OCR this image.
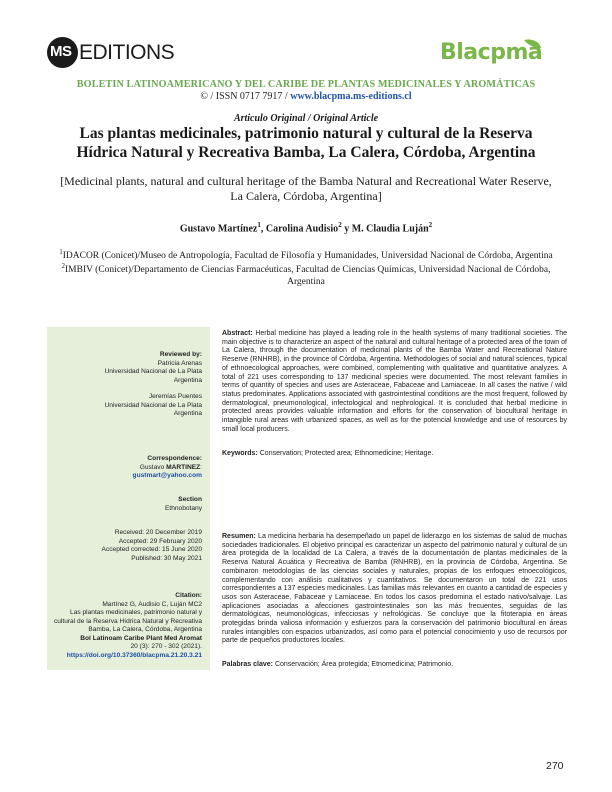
MS EDITIONS	Blacpma
BOLETIN LATINOAMERICANO Y DEL CARIBE DE PLANTAS MEDICINALES Y AROMÁTICAS
© / ISSN 0717 7917 / www.blacpma.ms-editions.cl
Articulo Original / Original Article
Las plantas medicinales, patrimonio natural y cultural de la Reserva
Hídrica Natural y Recreativa Bamba, La Calera, Córdoba, Argentina
[Medicinal plants, natural and cultural heritage of the Bamba Natural and Recreational Water Reserve,
La Calera, Córdoba, Argentina]
Gustavo Martínez$^1$, Carolina Audisio$^2$ y M. Claudia Luján$^2$
$^1$IDACOR (Conicet)/Museo de Antropología, Facultad de Filosofía y Humanidades, Universidad Nacional de Córdoba, Argentina
$^2$IMBIV (Conicet)/Departamento de Ciencias Farmacéuticas, Facultad de Ciencias Químicas, Universidad Nacional de Córdoba, Argentina
Reviewed by:
Patricia Arenas
Universidad Nacional de La Plata
Argentina
Jeremías Puentes
Universidad Nacional de La Plata
Argentina
Correspondence:
Gustavo MARTINEZ:
gustmart@yahoo.com
Section
Ethnobotany
Received: 20 December 2019
Accepted: 29 February 2020
Accepted corrected: 15 June 2020
Published: 30 May 2021
Citation:
Martínez G, Audisio C, Luján MC2
Las plantas medicinales, patrimonio natural y
cultural de la Reserva Hídrica Natural y Recreativa
Bamba, La Calera, Córdoba, Argentina
Bol Latinoam Caribe Plant Med Aromat
20 (3): 270 - 302 (2021).
https://doi.org/10.37360/blacpma.21.20.3.21
Abstract: Herbal medicine has played a leading role in the health systems of many traditional societies. The main objective is to characterize an aspect of the natural and cultural heritage of a protected area of the town of La Calera, through the documentation of medicinal plants of the Bamba Water and Recreational Nature Reserve (RNHRB), in the province of Córdoba, Argentina. Methodologies of social and natural sciences, typical of ethnoecological approaches, were combined, complementing with qualitative and quantitative analyzes. A total of 221 uses corresponding to 137 medicinal species were documented. The most relevant families in terms of quantity of species and uses are Asteraceae, Fabaceae and Lamiaceae. In all cases the native / wild status predominates. Applications associated with gastrointestinal conditions are the most frequent, followed by dermatological, pneumonological, infectological and nephrological. It is concluded that herbal medicine in protected areas provides valuable information and efforts for the conservation of biocultural heritage in intangible rural areas with urbanized spaces, as well as for the potencial knowledge and use of resources by small local producers.
Keywords: Conservation; Protected area; Ethnomedicine; Heritage.
Resumen: La medicina herbaria ha desempeñado un papel de liderazgo en los sistemas de salud de muchas sociedades tradicionales. El objetivo principal es caracterizar un aspecto del patrimonio natural y cultural de un área protegida de la localidad de La Calera, a través de la documentación de plantas medicinales de la Reserva Natural Acuática y Recreativa de Bamba (RNHRB), en la provincia de Córdoba, Argentina. Se combinaron metodologías de las ciencias sociales y naturales, propias de los enfoques etnoecológicos, complementando con análisis cualitativos y cuantitativos. Se documentaron un total de 221 usos correspondientes a 137 especies medicinales. Las familias más relevantes en cuanto a cantidad de especies y usos son Asteraceae, Fabaceae y Lamiaceae. En todos los casos predomina el estado nativo/salvaje. Las aplicaciones asociadas a afecciones gastrointestinales son las más frecuentes, seguidas de las dermatológicas, neumonológicas, infecciosas y nefrológicas. Se concluye que la fitoterapia en áreas protegidas brinda valiosa información y esfuerzos para la conservación del patrimonio biocultural en áreas rurales intangibles con espacios urbanizados, así como para el potencial conocimiento y uso de recursos por parte de pequeños productores locales.
Palabras clave: Conservación; Área protegida; Etnomedicina; Patrimonio.
270
